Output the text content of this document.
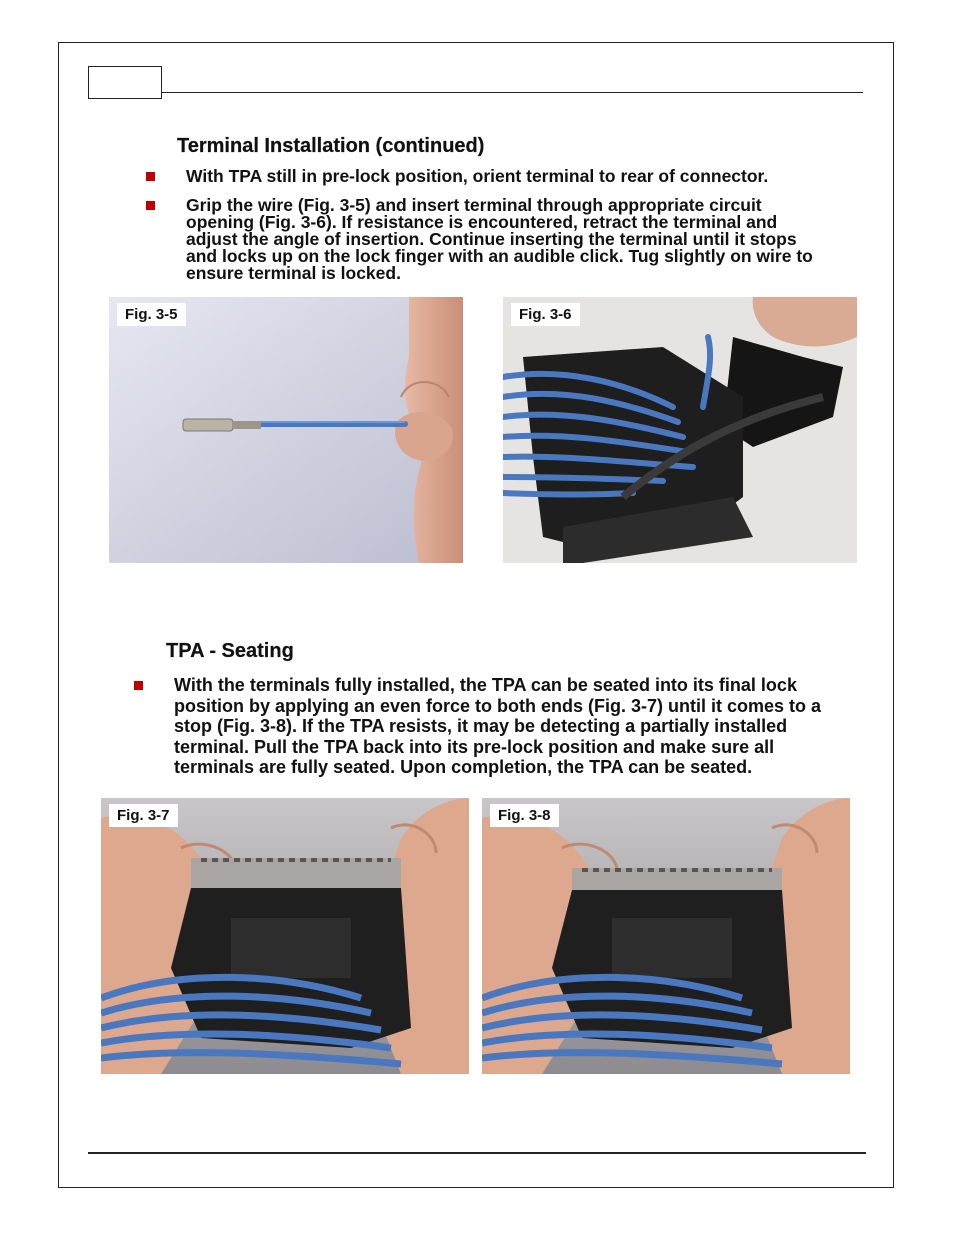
Terminal Installation (continued)
With TPA still in pre-lock position, orient terminal to rear of connector.
Grip the wire (Fig. 3-5) and insert terminal through appropriate circuit
opening (Fig. 3-6). If resistance is encountered, retract the terminal and
adjust the angle of insertion. Continue inserting the terminal until it stops
and locks up on the lock finger with an audible click. Tug slightly on wire to
ensure terminal is locked.
Fig. 3-5	Fig. 3-6
TPA - Seating
With the terminals fully installed, the TPA can be seated into its final lock
position by applying an even force to both ends (Fig. 3-7) until it comes to a
stop (Fig. 3-8). If the TPA resists, it may be detecting a partially installed
terminal. Pull the TPA back into its pre-lock position and make sure all
terminals are fully seated. Upon completion, the TPA can be seated.
Fig. 3-7	Fig. 3-8
